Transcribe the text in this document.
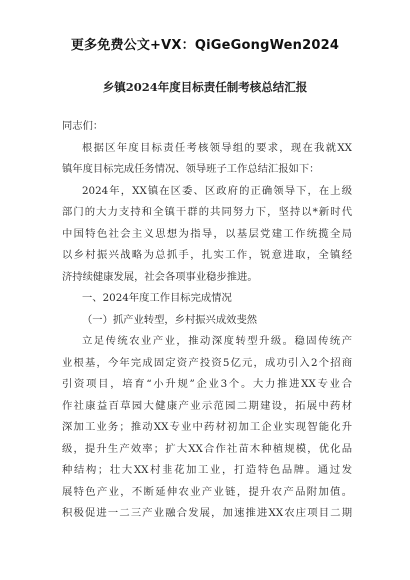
更多免费公文+VX：QiGeGongWen2024
乡镇2024年度目标责任制考核总结汇报
同志们：
根据区年度目标责任考核领导组的要求，现在我就XX
镇年度目标完成任务情况、领导班子工作总结汇报如下：
2024年，XX镇在区委、区政府的正确领导下，在上级
部门的大力支持和全镇干群的共同努力下，坚持以*新时代
中国特色社会主义思想为指导，以基层党建工作统揽全局
以乡村振兴战略为总抓手，扎实工作，锐意进取，全镇经
济持续健康发展，社会各项事业稳步推进。
一、2024年度工作目标完成情况
（一）抓产业转型，乡村振兴成效斐然
立足传统农业产业，推动深度转型升级。稳固传统产
业根基，今年完成固定资产投资5亿元，成功引入2个招商
引资项目，培育“小升规”企业3个。大力推进XX专业合
作社康益百草园大健康产业示范园二期建设，拓展中药材
深加工业务；推动XX专业中药材初加工企业实现智能化升
级，提升生产效率；扩大XX合作社苗木种植规模，优化品
种结构；壮大XX村韭花加工业，打造特色品牌。通过发
展特色产业，不断延伸农业产业链，提升农产品附加值。
积极促进一二三产业融合发展，加速推进XX农庄项目二期
